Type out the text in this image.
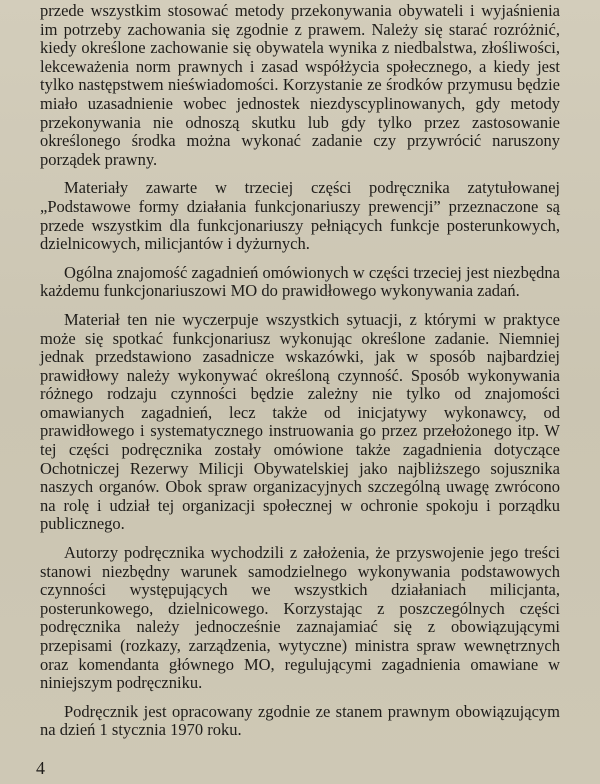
przede wszystkim stosować metody przekonywania obywateli i wyjaśnienia im potrzeby zachowania się zgodnie z prawem. Należy się starać rozróżnić, kiedy określone zachowanie się obywatela wynika z niedbalstwa, złośliwości, lekceważenia norm prawnych i zasad współżycia społecznego, a kiedy jest tylko następstwem nieświadomości. Korzystanie ze środków przymusu będzie miało uzasadnienie wobec jednostek niezdyscyplinowanych, gdy metody przekonywania nie odnoszą skutku lub gdy tylko przez zastosowanie określonego środka można wykonać zadanie czy przywrócić naruszony porządek prawny.

Materiały zawarte w trzeciej części podręcznika zatytułowanej „Podstawowe formy działania funkcjonariuszy prewencji” przeznaczone są przede wszystkim dla funkcjonariuszy pełniących funkcje posterunkowych, dzielnicowych, milicjantów i dyżurnych.

Ogólna znajomość zagadnień omówionych w części trzeciej jest niezbędna każdemu funkcjonariuszowi MO do prawidłowego wykonywania zadań.

Materiał ten nie wyczerpuje wszystkich sytuacji, z którymi w praktyce może się spotkać funkcjonariusz wykonując określone zadanie. Niemniej jednak przedstawiono zasadnicze wskazówki, jak w sposób najbardziej prawidłowy należy wykonywać określoną czynność. Sposób wykonywania różnego rodzaju czynności będzie zależny nie tylko od znajomości omawianych zagadnień, lecz także od inicjatywy wykonawcy, od prawidłowego i systematycznego instruowania go przez przełożonego itp. W tej części podręcznika zostały omówione także zagadnienia dotyczące Ochotniczej Rezerwy Milicji Obywatelskiej jako najbliższego sojusznika naszych organów. Obok spraw organizacyjnych szczególną uwagę zwrócono na rolę i udział tej organizacji społecznej w ochronie spokoju i porządku publicznego.

Autorzy podręcznika wychodzili z założenia, że przyswojenie jego treści stanowi niezbędny warunek samodzielnego wykonywania podstawowych czynności występujących we wszystkich działaniach milicjanta, posterunkowego, dzielnicowego. Korzystając z poszczególnych części podręcznika należy jednocześnie zaznajamiać się z obowiązującymi przepisami (rozkazy, zarządzenia, wytyczne) ministra spraw wewnętrznych oraz komendanta głównego MO, regulującymi zagadnienia omawiane w niniejszym podręczniku.

Podręcznik jest opracowany zgodnie ze stanem prawnym obowiązującym na dzień 1 stycznia 1970 roku.

4
